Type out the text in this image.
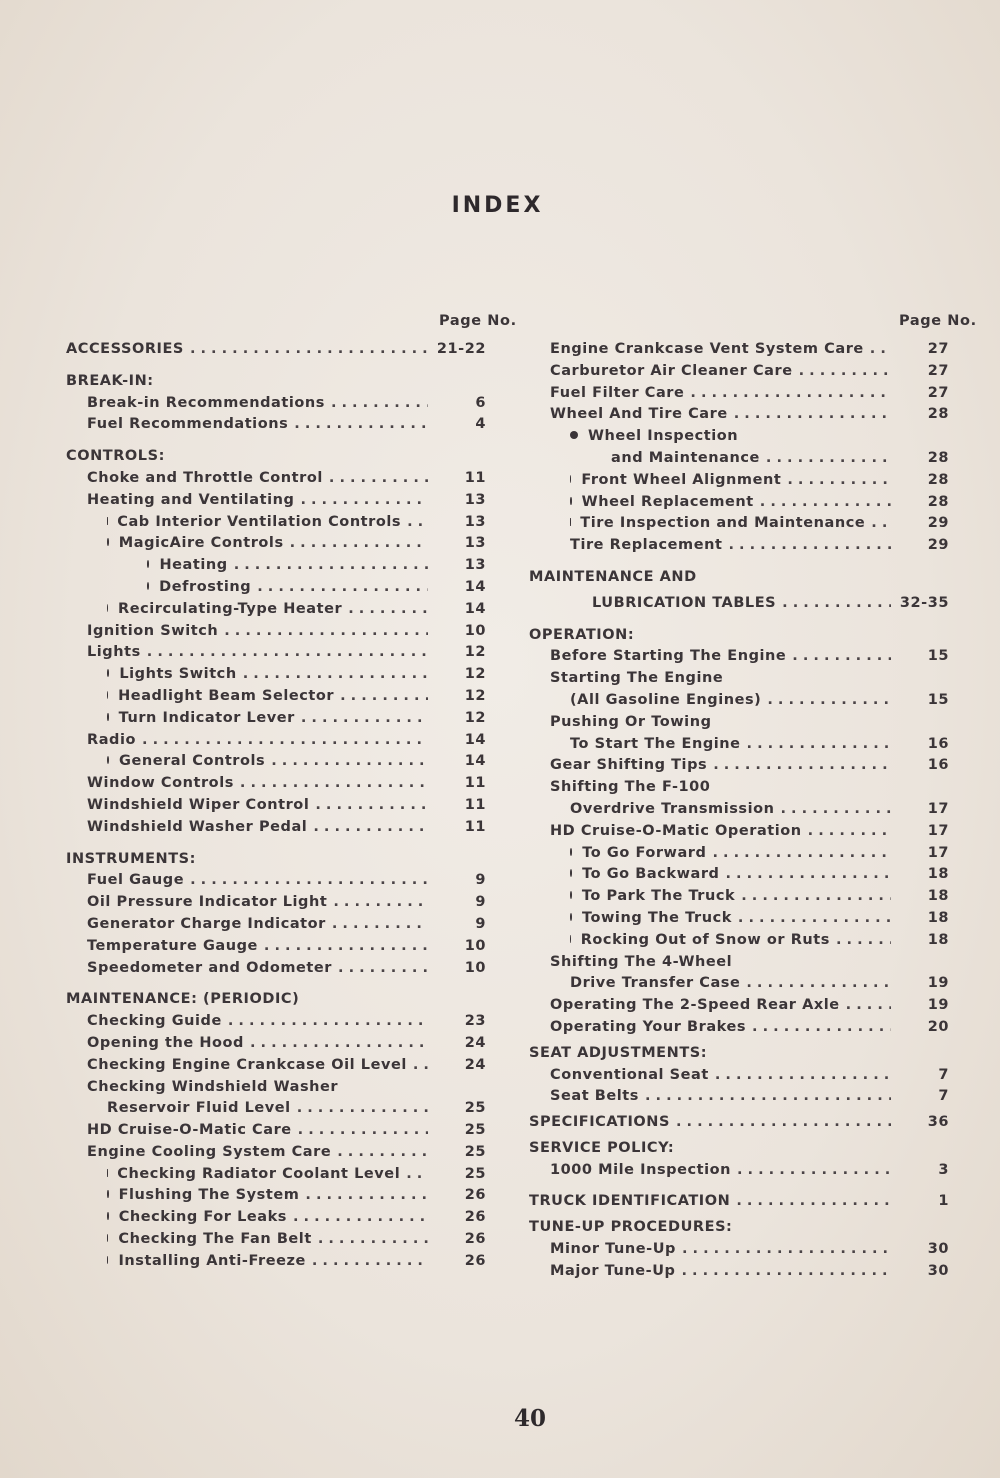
INDEX
Page No.	Page No.
ACCESSORIES . . .	21-22
BREAK-IN:
Break-in Recommendations . . .	6
Fuel Recommendations . . .	4
CONTROLS:
Choke and Throttle Control . . .	11
Heating and Ventilating . . .	13
Cab Interior Ventilation Controls . . .	13
MagicAire Controls . . .	13
Heating . . .	13
Defrosting . . .	14
Recirculating-Type Heater . . .	14
Ignition Switch . . .	10
Lights . . .	12
Lights Switch . . .	12
Headlight Beam Selector . . .	12
Turn Indicator Lever . . .	12
Radio . . .	14
General Controls . . .	14
Window Controls . . .	11
Windshield Wiper Control . . .	11
Windshield Washer Pedal . . .	11
INSTRUMENTS:
Fuel Gauge . . .	9
Oil Pressure Indicator Light . . .	9
Generator Charge Indicator . . .	9
Temperature Gauge . . .	10
Speedometer and Odometer . . .	10
MAINTENANCE: (PERIODIC)
Checking Guide . . .	23
Opening the Hood . . .	24
Checking Engine Crankcase Oil Level . . .	24
Checking Windshield Washer
Reservoir Fluid Level . . .	25
HD Cruise-O-Matic Care . . .	25
Engine Cooling System Care . . .	25
Checking Radiator Coolant Level . . .	25
Flushing The System . . .	26
Checking For Leaks . . .	26
Checking The Fan Belt . . .	26
Installing Anti-Freeze . . .	26
Engine Crankcase Vent System Care . . .	27
Carburetor Air Cleaner Care . . .	27
Fuel Filter Care . . .	27
Wheel And Tire Care . . .	28
Wheel Inspection
and Maintenance . . .	28
Front Wheel Alignment . . .	28
Wheel Replacement . . .	28
Tire Inspection and Maintenance . . .	29
Tire Replacement . . .	29
MAINTENANCE AND
LUBRICATION TABLES . . .	32-35
OPERATION:
Before Starting The Engine . . .	15
Starting The Engine
(All Gasoline Engines) . . .	15
Pushing Or Towing
To Start The Engine . . .	16
Gear Shifting Tips . . .	16
Shifting The F-100
Overdrive Transmission . . .	17
HD Cruise-O-Matic Operation . . .	17
To Go Forward . . .	17
To Go Backward . . .	18
To Park The Truck . . .	18
Towing The Truck . . .	18
Rocking Out of Snow or Ruts . . .	18
Shifting The 4-Wheel
Drive Transfer Case . . .	19
Operating The 2-Speed Rear Axle . . .	19
Operating Your Brakes . . .	20
SEAT ADJUSTMENTS:
Conventional Seat . . .	7
Seat Belts . . .	7
SPECIFICATIONS . . .	36
SERVICE POLICY:
1000 Mile Inspection . . .	3
TRUCK IDENTIFICATION . . .	1
TUNE-UP PROCEDURES:
Minor Tune-Up . . .	30
Major Tune-Up . . .	30
40
